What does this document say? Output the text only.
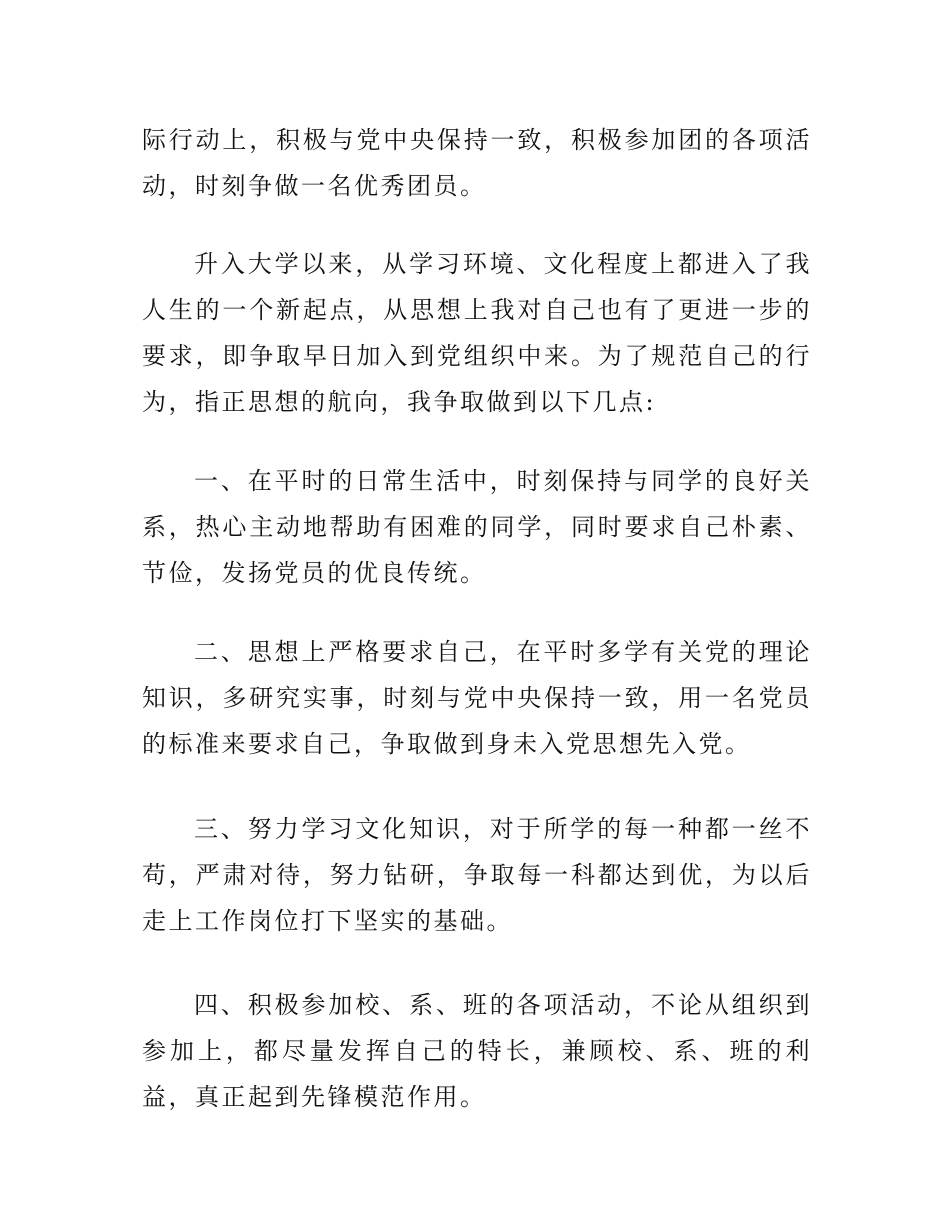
际行动上，积极与党中央保持一致，积极参加团的各项活动，时刻争做一名优秀团员。

升入大学以来，从学习环境、文化程度上都进入了我人生的一个新起点，从思想上我对自己也有了更进一步的要求，即争取早日加入到党组织中来。为了规范自己的行为，指正思想的航向，我争取做到以下几点:

一、在平时的日常生活中，时刻保持与同学的良好关系，热心主动地帮助有困难的同学，同时要求自己朴素、节俭，发扬党员的优良传统。

二、思想上严格要求自己，在平时多学有关党的理论知识，多研究实事，时刻与党中央保持一致，用一名党员的标准来要求自己，争取做到身未入党思想先入党。

三、努力学习文化知识，对于所学的每一种都一丝不苟，严肃对待，努力钻研，争取每一科都达到优，为以后走上工作岗位打下坚实的基础。

四、积极参加校、系、班的各项活动，不论从组织到参加上，都尽量发挥自己的特长，兼顾校、系、班的利益，真正起到先锋模范作用。
